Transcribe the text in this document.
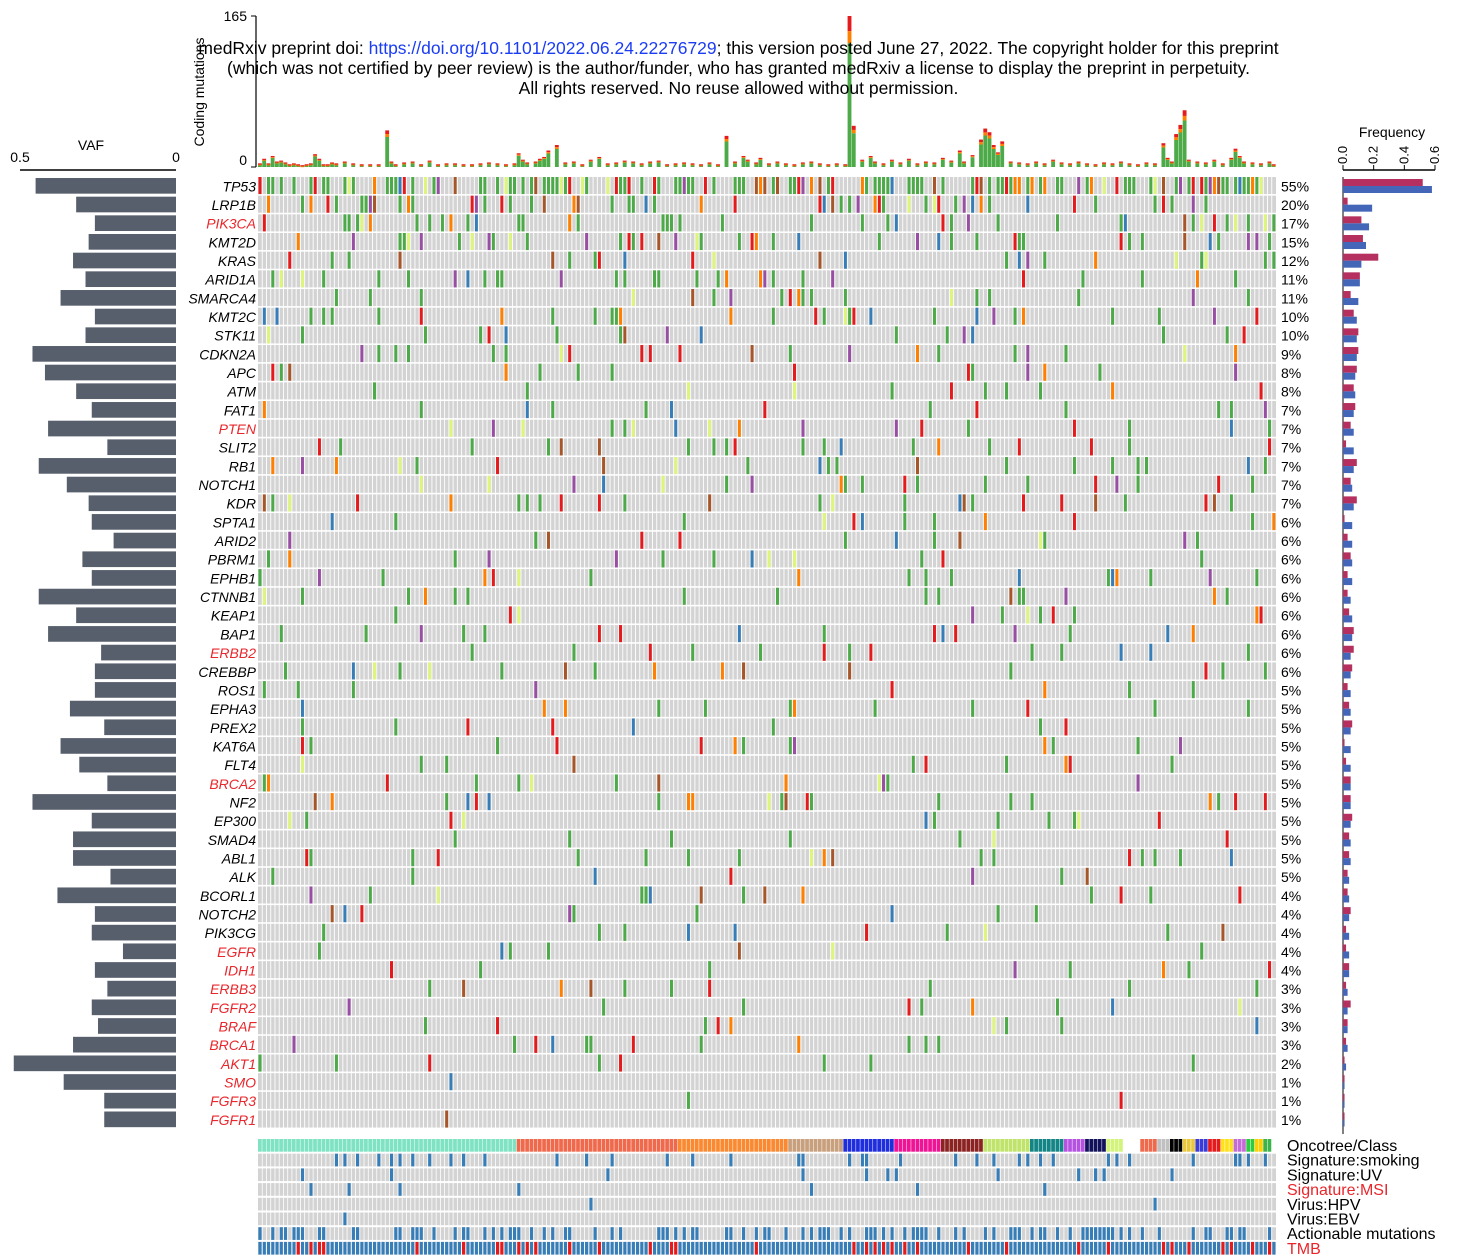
medRxiv preprint doi: https://doi.org/10.1101/2022.06.24.22276729; this version posted June 27, 2022. The copyright holder for this preprint
(which was not certified by peer review) is the author/funder, who has granted medRxiv a license to display the preprint in perpetuity.
All rights reserved. No reuse allowed without permission.
TP53	55%
LRP1B	20%
PIK3CA	17%
KMT2D	15%
KRAS	12%
ARID1A	11%
SMARCA4	11%
KMT2C	10%
STK11	10%
CDKN2A	9%
APC	8%
ATM	8%
FAT1	7%
PTEN	7%
SLIT2	7%
RB1	7%
NOTCH1	7%
KDR	7%
SPTA1	6%
ARID2	6%
PBRM1	6%
EPHB1	6%
CTNNB1	6%
KEAP1	6%
BAP1	6%
ERBB2	6%
CREBBP	6%
ROS1	5%
EPHA3	5%
PREX2	5%
KAT6A	5%
FLT4	5%
BRCA2	5%
NF2	5%
EP300	5%
SMAD4	5%
ABL1	5%
ALK	5%
BCORL1	4%
NOTCH2	4%
PIK3CG	4%
EGFR	4%
IDH1	4%
ERBB3	3%
FGFR2	3%
BRAF	3%
BRCA1	3%
AKT1	2%
SMO	1%
FGFR3	1%
FGFR1	1%
0.5	0
VAF
0.0 0.2 0.4 0.6
Frequency
165
0
Coding mutations
Oncotree/Class
Signature:smoking
Signature:UV
Signature:MSI
Virus:HPV
Virus:EBV
Actionable mutations
TMB
